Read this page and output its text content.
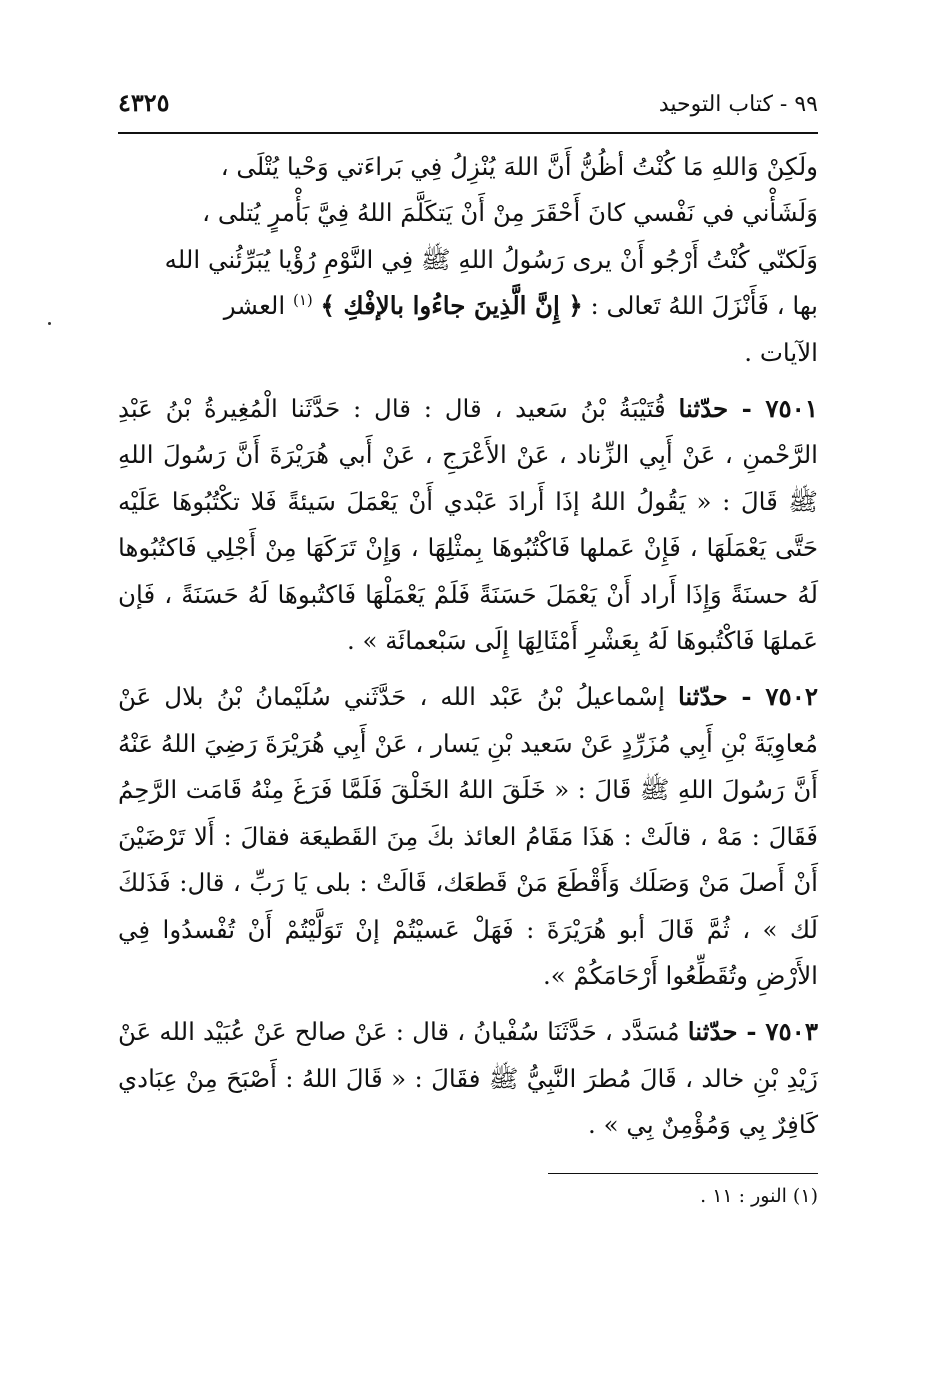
٩٩ - كتاب التوحيد
٤٣٢٥
ولَكِنْ وَاللهِ مَا كُنْتُ أظُنُّ أَنَّ اللهَ يُنْزِلُ فِي بَراءَتي وَحْيا يُتْلَى ،
وَلَشَأْني في نَفْسي كانَ أَحْقَرَ مِنْ أَنْ يَتكَلَّمَ اللهُ فِيَّ بَأْمرٍ يُتلى ،
وَلَكنّي كُنْتُ أَرْجُو أَنْ يرى رَسُولُ اللهِ ﷺ فِي النَّوْمِ رُؤْيا يُبَرِّئُني الله
بها ، فَأَنْزَلَ اللهُ تَعالى : ﴿ إِنَّ الَّذِينَ جاءُوا بالإفْكِ ﴾ $^{(١)}$ العشر
الآيات .

٧٥٠١ - حدّثنا قُتَيْبَةُ بْنُ سَعيد ، قال : قال : حَدَّثَنا الْمُغِيرةُ بْنُ عَبْدِ الرَّحْمنِ ، عَنْ أَبِي الزِّناد ، عَنْ الأَعْرَجِ ، عَنْ أَبي هُرَيْرَةَ أَنَّ رَسُولَ اللهِ ﷺ قَالَ : « يَقُولُ اللهُ إذَا أَرادَ عَبْدي أَنْ يَعْمَلَ سَيئةً فَلا تكْتُبُوهَا عَلَيْه حَتَّى يَعْمَلَهَا ، فَإِنْ عَملها فَاكْتُبُوهَا بِمثْلِهَا ، وَإِنْ تَرَكَهَا مِنْ أَجْلِي فَاكتُبُوها لَهُ حسنَةً وَإِذَا أَراد أَنْ يَعْمَلَ حَسَنَةً فَلَمْ يَعْمَلْهَا فَاكتُبوهَا لَهُ حَسَنَةً ، فَإن عَملهَا فَاكْتُبوهَا لَهُ بِعَشْرِ أَمْثَالِهَا إِلَى سَبْعمائَة » .

٧٥٠٢ - حدّثنا إسْماعيلُ بْنُ عَبْد الله ، حَدَّثَني سُلَيْمانُ بْنُ بلال عَنْ مُعاوِيَةَ بْنِ أَبِي مُزَرِّدٍ عَنْ سَعيد بْنِ يَسار ، عَنْ أَبِي هُرَيْرَةَ رَضِيَ اللهُ عَنْهُ أَنَّ رَسُولَ اللهِ ﷺ قَالَ : « خَلَقَ اللهُ الخَلْقَ فَلَمَّا فَرَغَ مِنْهُ قَامَت الرَّحِمُ فَقَالَ : مَهْ ، قالَتْ : هَذَا مَقَامُ العائذ بكَ مِنَ القَطيعَة فقالَ : أَلا تَرْضَيْنَ أَنْ أَصلَ مَنْ وَصَلَك وَأَقْطَعَ مَنْ قَطعَك، قَالَتْ : بلى يَا رَبِّ ، قال: فَذَلكَ لَك » ، ثُمَّ قَالَ أبو هُرَيْرَةَ : فَهَلْ عَسيْتُمْ إنْ تَوَلَّيْتُمْ أَنْ تُفْسدُوا فِي الأَرْضِ وتُقَطِّعُوا أَرْحَامَكُمْ ».

٧٥٠٣ - حدّثنا مُسَدَّد ، حَدَّثَنَا سُفْيانُ ، قال : عَنْ صالح عَنْ عُبَيْد الله عَنْ زَيْدِ بْنِ خالد ، قَالَ مُطرَ النَّبِيُّ ﷺ فقَالَ : « قَالَ اللهُ : أَصْبَحَ مِنْ عِبَادي كَافِرٌ بِي وَمُؤْمِنٌ بِي » .

(١) النور : ١١ .
